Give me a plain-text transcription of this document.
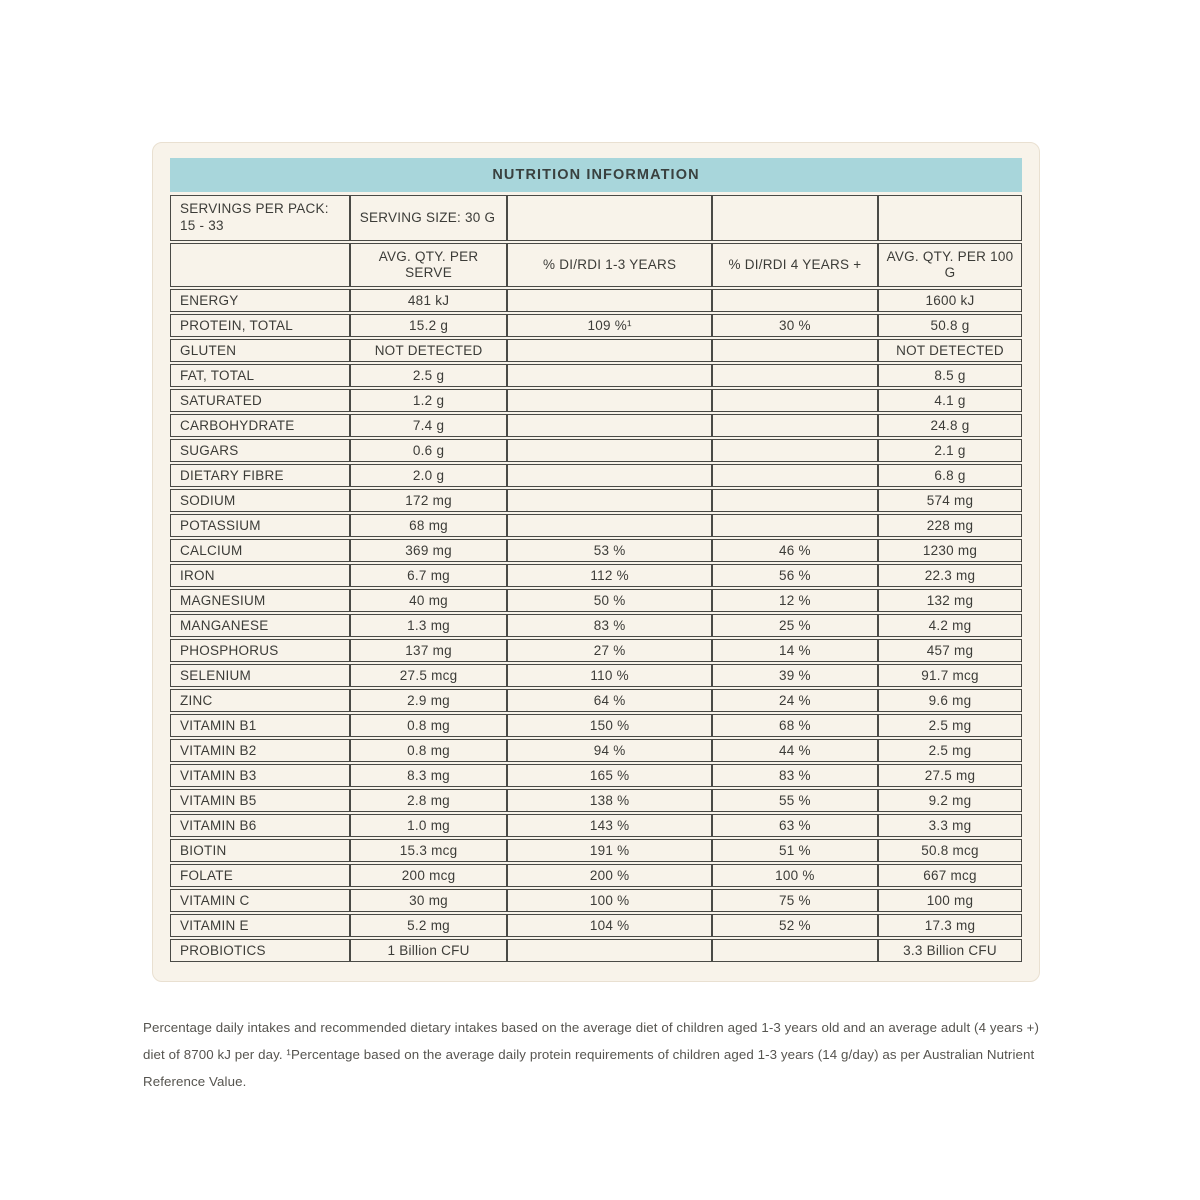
NUTRITION INFORMATION
SERVINGS PER PACK: 15 - 33	SERVING SIZE: 30 G			
	AVG. QTY. PER SERVE	% DI/RDI 1-3 YEARS	% DI/RDI 4 YEARS +	AVG. QTY. PER 100 G
ENERGY	481 kJ			1600 kJ
PROTEIN, TOTAL	15.2 g	109 %¹	30 %	50.8 g
GLUTEN	NOT DETECTED			NOT DETECTED
FAT, TOTAL	2.5 g			8.5 g
SATURATED	1.2 g			4.1 g
CARBOHYDRATE	7.4 g			24.8 g
SUGARS	0.6 g			2.1 g
DIETARY FIBRE	2.0 g			6.8 g
SODIUM	172 mg			574 mg
POTASSIUM	68 mg			228 mg
CALCIUM	369 mg	53 %	46 %	1230 mg
IRON	6.7 mg	112 %	56 %	22.3 mg
MAGNESIUM	40 mg	50 %	12 %	132 mg
MANGANESE	1.3 mg	83 %	25 %	4.2 mg
PHOSPHORUS	137 mg	27 %	14 %	457 mg
SELENIUM	27.5 mcg	110 %	39 %	91.7 mcg
ZINC	2.9 mg	64 %	24 %	9.6 mg
VITAMIN B1	0.8 mg	150 %	68 %	2.5 mg
VITAMIN B2	0.8 mg	94 %	44 %	2.5 mg
VITAMIN B3	8.3 mg	165 %	83 %	27.5 mg
VITAMIN B5	2.8 mg	138 %	55 %	9.2 mg
VITAMIN B6	1.0 mg	143 %	63 %	3.3 mg
BIOTIN	15.3 mcg	191 %	51 %	50.8 mcg
FOLATE	200 mcg	200 %	100 %	667 mcg
VITAMIN C	30 mg	100 %	75 %	100 mg
VITAMIN E	5.2 mg	104 %	52 %	17.3 mg
PROBIOTICS	1 Billion CFU			3.3 Billion CFU
Percentage daily intakes and recommended dietary intakes based on the average diet of children aged 1-3 years old and an average adult (4 years +) diet of 8700 kJ per day. ¹Percentage based on the average daily protein requirements of children aged 1-3 years (14 g/day) as per Australian Nutrient Reference Value.
